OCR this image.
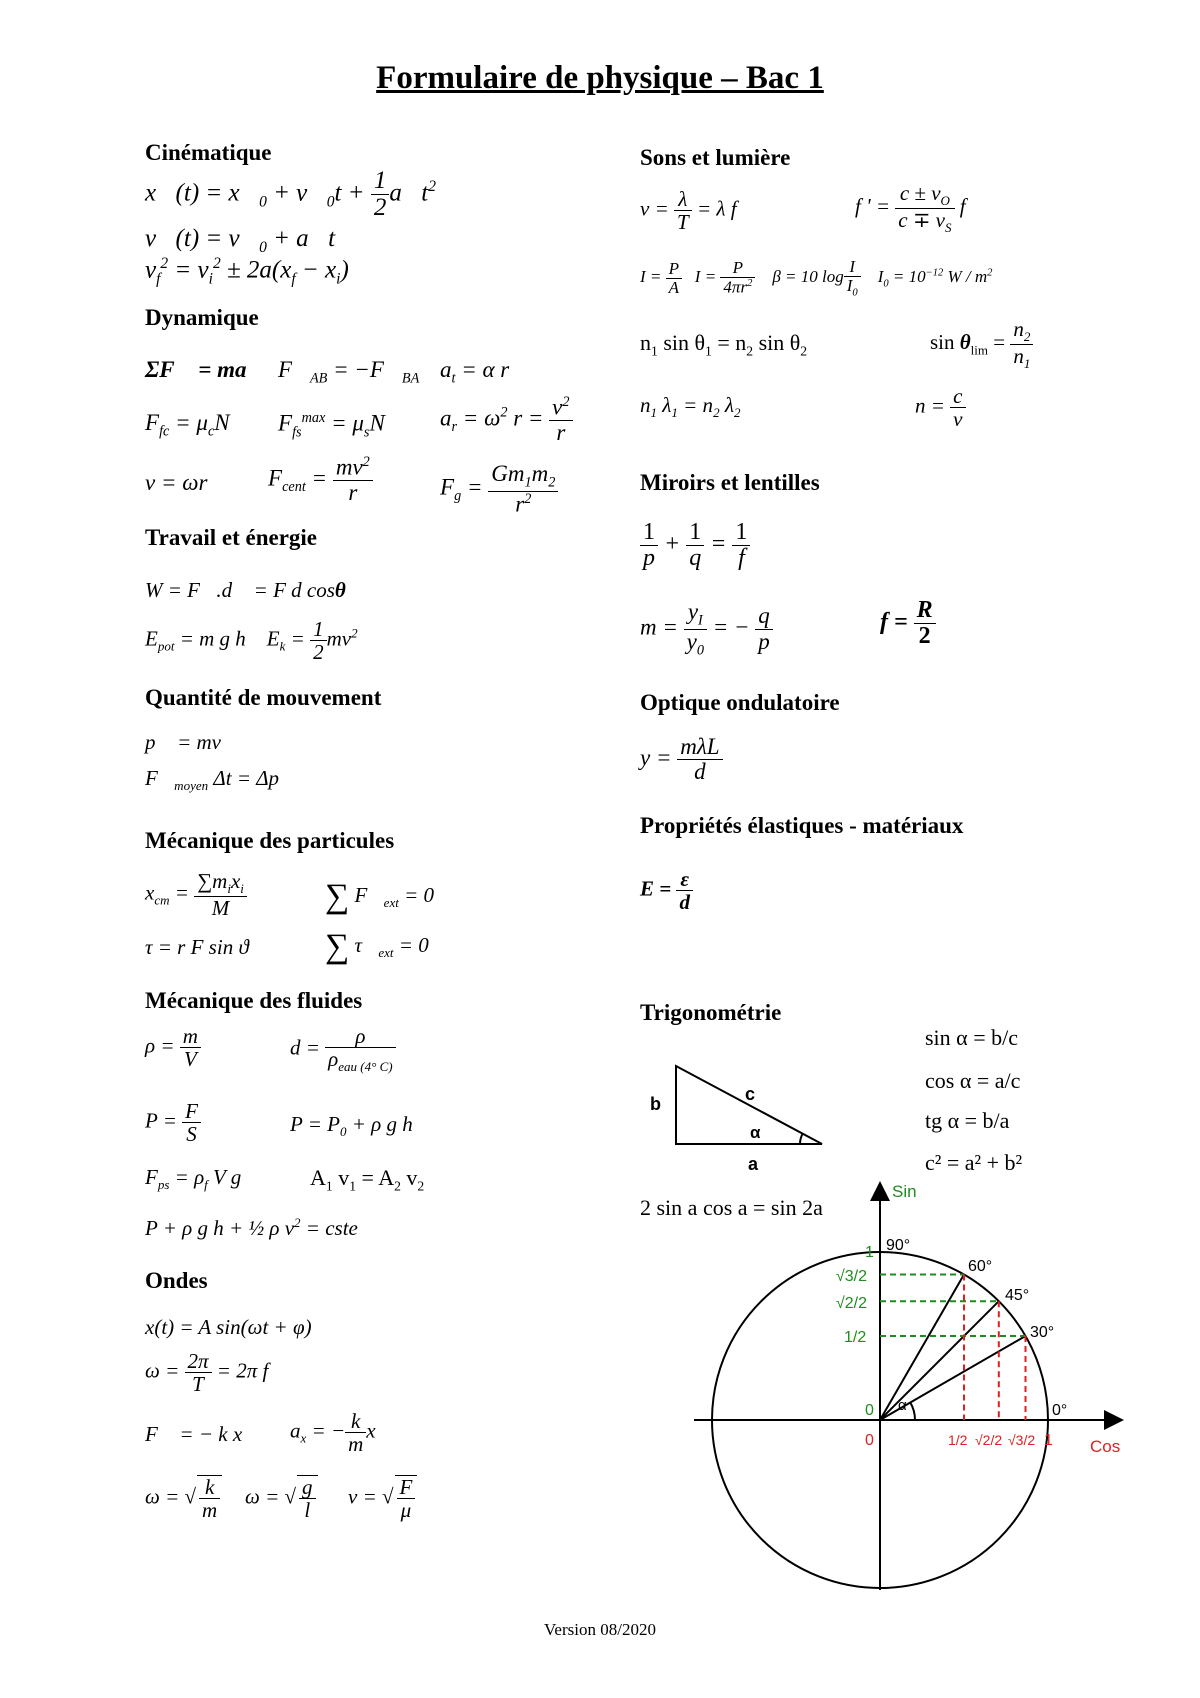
Formulaire de physique – Bac 1
Cinématique
x⃗(t) = $x⃗_0$ + $v⃗_0t + \frac{1}{2}$ $a⃗t^2$
v⃗(t) = $v⃗_0$ + a⃗t
$v_f^2 = v_i^2 \pm 2a(x_f - x_i)$
Dynamique
ΣF⃗ = ma⃗ $F⃗_{AB}$ = $-F⃗_{BA}$ $a_t = \alpha$ r
$F_{fc} = \mu_cN$ $F_{fs}^{max} = \mu_sN$ $a_r = \omega^2$ $r = \frac{v^2}{r}$
v = ωr	$F_{cent} = \frac{mv^2}{r}$	$F_g = \frac{Gm_1m_2}{r^2}$
Travail et énergie
W = F⃗.d⃗ = F d cosθ
$E_{pot} = m$ g h    $E_k = \frac{1}{2} mv^2$
Quantité de mouvement
p⃗ = mv⃗
$F⃗_{moyen}$ Δt = Δp⃗
Mécanique des particules
$x_{cm} = \frac{\sum m_ix_i}{M}$ ∑ $F⃗_{ext}$ = 0⃗
τ = r F sin ϑ ∑ $\tau⃗_{ext}$ = 0⃗
Mécanique des fluides
$\rho = \frac{m}{V}$	$d = \frac{\rho}{\rho_{eau (4^\circ C)}}$
$P = \frac{F}{S}$	$P = P_0 + \rho$ g h
$F_{ps} = \rho_f$ V g	$A_1$ $v_1 = A_2$ $v_2$
P + ρ g h + ½ ρ $v^2$ = cste
Ondes
x(t) = A sin(ωt + φ)
$\omega = \frac{2\pi}{T} = 2\pi$ f
F⃗ = − k x⃗ $a_x$ = − $\frac{k}{m}$ x
ω = √ $\frac{k}{m}$ ω = √ $\frac{g}{l}$ v = √ $\frac{F}{\mu}$
Sons et lumière
$v = \frac{\lambda}{T} = \lambda$ f	f ' = $\frac{c \pm v_O}{c \mp v_S}$ f
$I = \frac{P}{A}$ $I = \frac{P}{4\pi r^2}$ β = 10 $\log \frac{I}{I_0} I_0 = 10^{-12}$ W / $m^2$
$n_1$ $\sin \theta_1 = n_2$ $\sin \theta_2$	$\sin \theta_{lim} = \frac{n_2}{n_1}$
$n_1$ $\lambda_1 = n_2$ $\lambda_2$	$n = \frac{c}{v}$
Miroirs et lentilles
$\frac{1}{p} + \frac{1}{q} = \frac{1}{f}$
$m = \frac{y_I}{y_0}$ = − $\frac{q}{p}$	$f = \frac{R}{2}$
Optique ondulatoire
$y = \frac{\text{mλL}}{d}$
Propriétés élastiques - matériaux
$E = \frac{\varepsilon}{d}$
Trigonométrie
sin α = b/c
cos α = a/c
tg α = b/a
c² = a² + b²
2 sin a cos a = sin 2a
b	c
a
α
α
Sin
Cos
90°
60°
45°
30°
0°
1
√3/2
√2/2
1/2
0
0	1/2 √2/2 √3/2 1
Version 08/2020
